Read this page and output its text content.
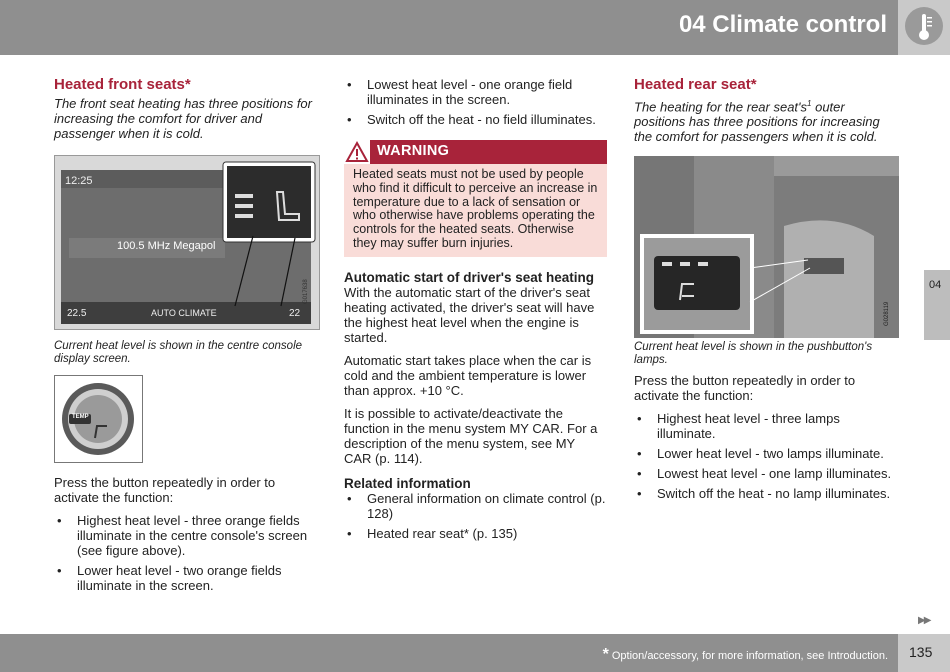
04 Climate control
Heated front seats*

The front seat heating has three positions for increasing the comfort for driver and passenger when it is cold.

12:25
100.5 MHz Megapol
AUTO CLIMATE
22.5	22
G017638

Current heat level is shown in the centre console display screen.

TEMP

Press the button repeatedly in order to activate the function:

• Highest heat level - three orange fields illuminate in the centre console's screen (see figure above).
• Lower heat level - two orange fields illuminate in the screen.
• Lowest heat level - one orange field illuminates in the screen.
• Switch off the heat - no field illuminates.
WARNING
Heated seats must not be used by people who find it difficult to perceive an increase in temperature due to a lack of sensation or who otherwise have problems operating the controls for the heated seats. Otherwise they may suffer burn injuries.
Automatic start of driver's seat heating

With the automatic start of the driver's seat heating activated, the driver's seat will have the highest heat level when the engine is started.

Automatic start takes place when the car is cold and the ambient temperature is lower than approx. +10 °C.

It is possible to activate/deactivate the function in the menu system MY CAR. For a description of the menu system, see MY CAR (p. 114).

Related information
• General information on climate control (p. 128)
• Heated rear seat* (p. 135)
Heated rear seat*

The heating for the rear $seat's^1$ outer positions has three positions for increasing the comfort for passengers when it is cold.

G028119

Current heat level is shown in the pushbutton's lamps.

Press the button repeatedly in order to activate the function:

• Highest heat level - three lamps illuminate.
• Lower heat level - two lamps illuminate.
• Lowest heat level - one lamp illuminates.
• Switch off the heat - no lamp illuminates.
04
▶▶
* Option/accessory, for more information, see Introduction. 135
